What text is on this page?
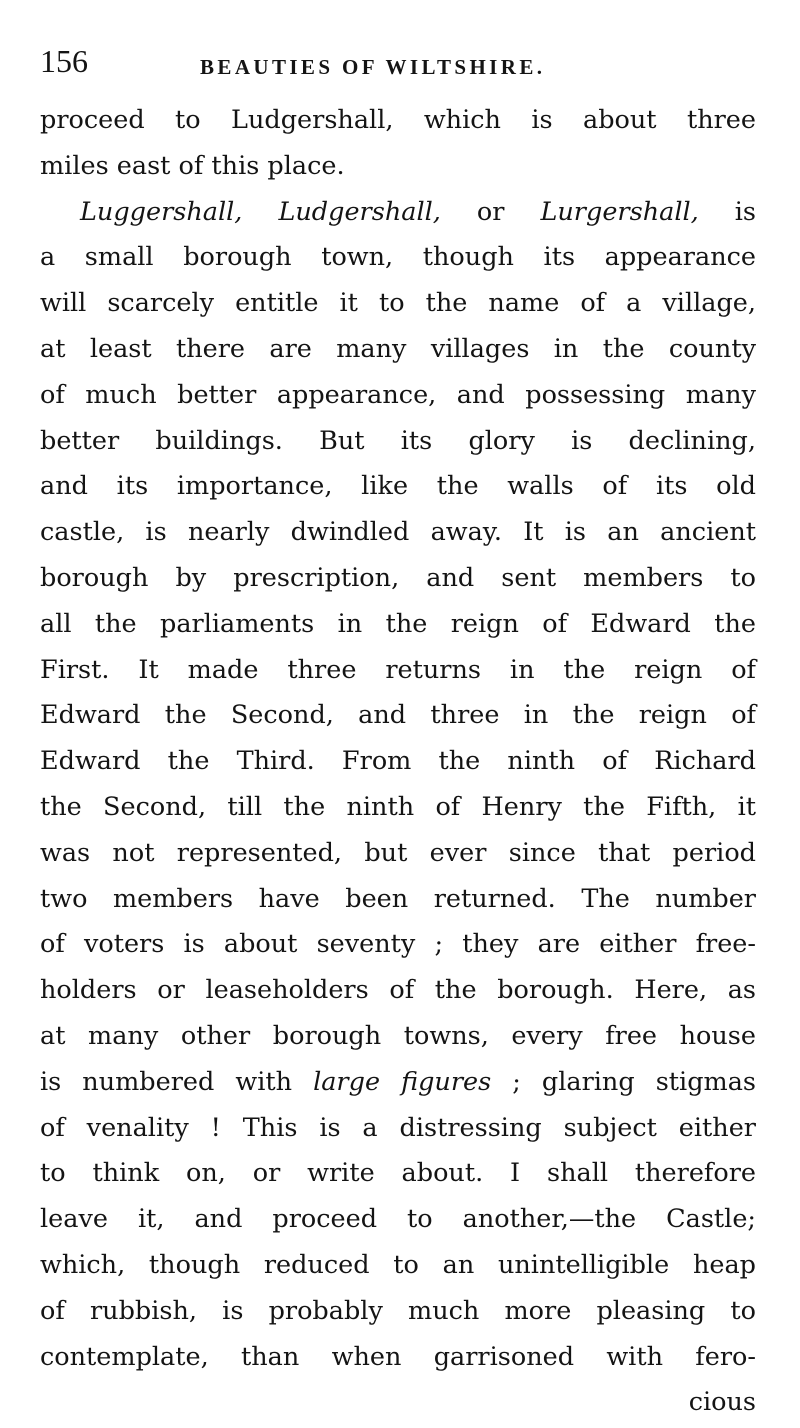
156	BEAUTIES OF WILTSHIRE.
proceed to Ludgershall, which is about three
miles east of this place.
Luggershall, Ludgershall, or Lurgershall, is
a small borough town, though its appearance
will scarcely entitle it to the name of a village,
at least there are many villages in the county
of much better appearance, and possessing many
better buildings. But its glory is declining,
and its importance, like the walls of its old
castle, is nearly dwindled away. It is an ancient
borough by prescription, and sent members to
all the parliaments in the reign of Edward the
First. It made three returns in the reign of
Edward the Second, and three in the reign of
Edward the Third. From the ninth of Richard
the Second, till the ninth of Henry the Fifth, it
was not represented, but ever since that period
two members have been returned. The number
of voters is about seventy ; they are either free-
holders or leaseholders of the borough. Here, as
at many other borough towns, every free house
is numbered with large figures ; glaring stigmas
of venality ! This is a distressing subject either
to think on, or write about. I shall therefore
leave it, and proceed to another,—the Castle;
which, though reduced to an unintelligible heap
of rubbish, is probably much more pleasing to
contemplate, than when garrisoned with fero-
cious
